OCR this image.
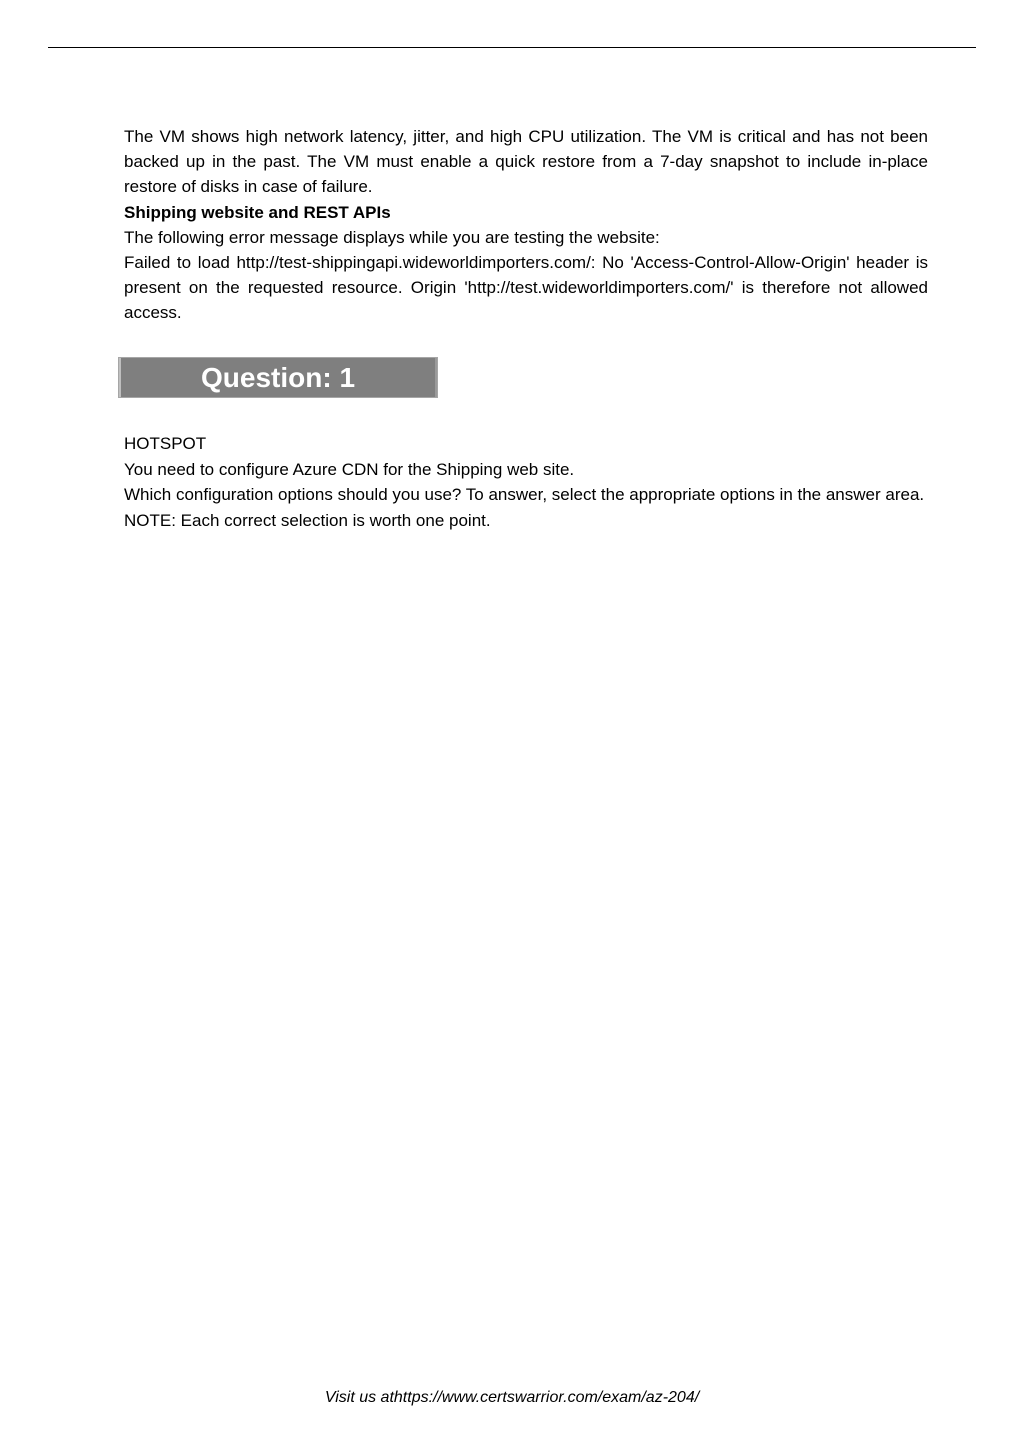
The VM shows high network latency, jitter, and high CPU utilization. The VM is critical and has not been backed up in the past. The VM must enable a quick restore from a 7-day snapshot to include in-place restore of disks in case of failure.

Shipping website and REST APIs

The following error message displays while you are testing the website:

Failed to load http://test-shippingapi.wideworldimporters.com/: No 'Access-Control-Allow-Origin' header is present on the requested resource. Origin 'http://test.wideworldimporters.com/' is therefore not allowed access.

Question: 1

HOTSPOT

You need to configure Azure CDN for the Shipping web site.

Which configuration options should you use? To answer, select the appropriate options in the answer area.

NOTE: Each correct selection is worth one point.

Visit us athttps://www.certswarrior.com/exam/az-204/
